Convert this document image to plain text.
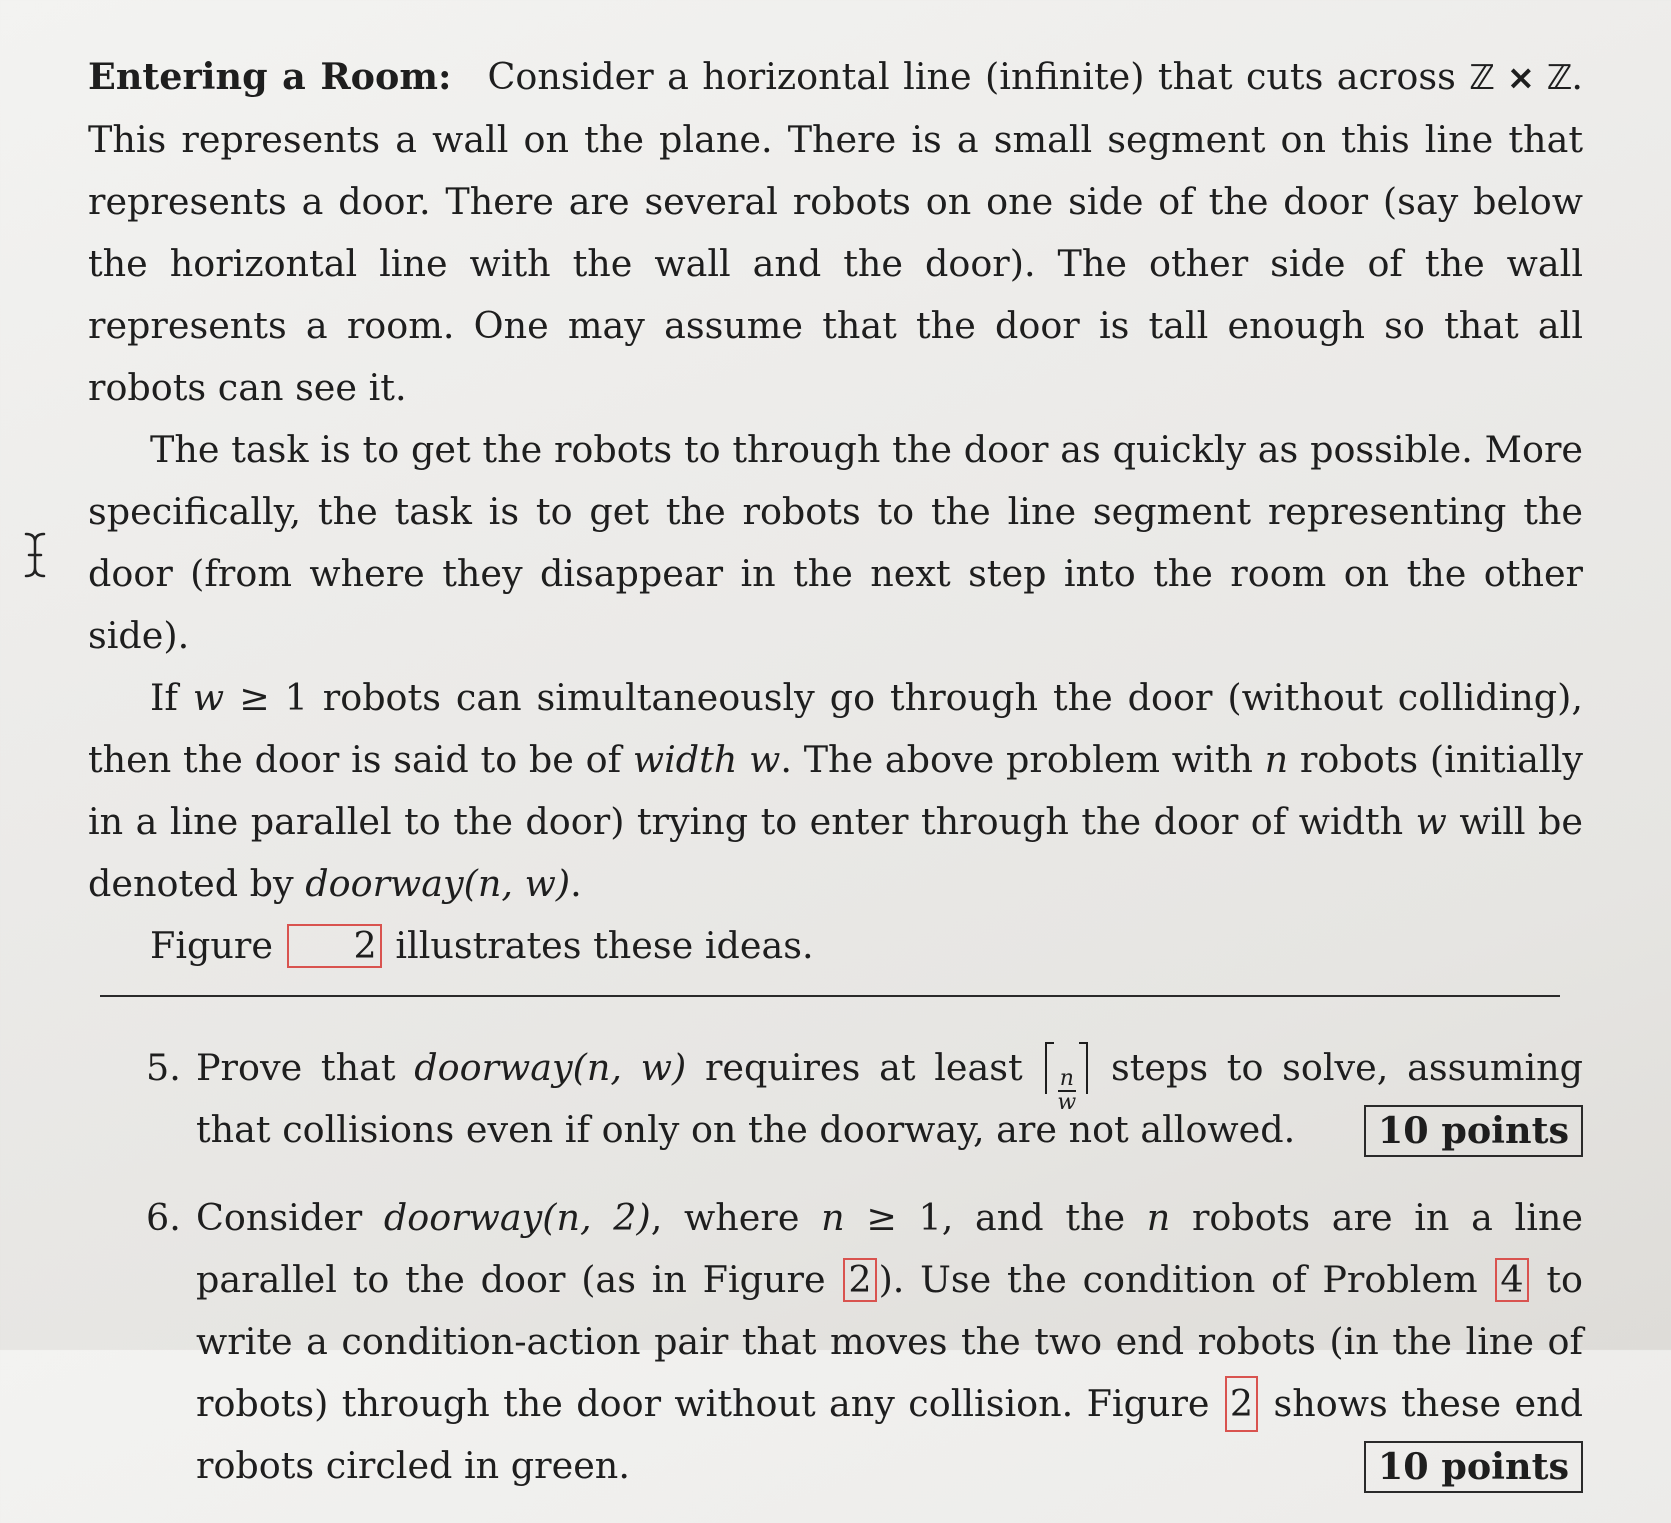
Entering a Room: Consider a horizontal line (infinite) that cuts across ℤ × ℤ. This represents a wall on the plane. There is a small segment on this line that represents a door. There are several robots on one side of the door (say below the horizontal line with the wall and the door). The other side of the wall represents a room. One may assume that the door is tall enough so that all robots can see it.

The task is to get the robots to through the door as quickly as possible. More specifically, the task is to get the robots to the line segment representing the door (from where they disappear in the next step into the room on the other side).

If w ≥ 1 robots can simultaneously go through the door (without colliding), then the door is said to be of width w. The above problem with n robots (initially in a line parallel to the door) trying to enter through the door of width w will be denoted by doorway(n, w).

Figure 2 illustrates these ideas.

5. Prove that doorway(n, w) requires at least $\frac{n}{w}$ steps to solve, assuming that collisions even if only on the doorway, are not allowed.	10 points

6. Consider doorway(n, 2), where n ≥ 1, and the n robots are in a line parallel to the door (as in Figure 2 ). Use the condition of Problem 4 to write a condition-action pair that moves the two end robots (in the line of robots) through the door without any collision. Figure 2 shows these end robots circled in green.	10 points
